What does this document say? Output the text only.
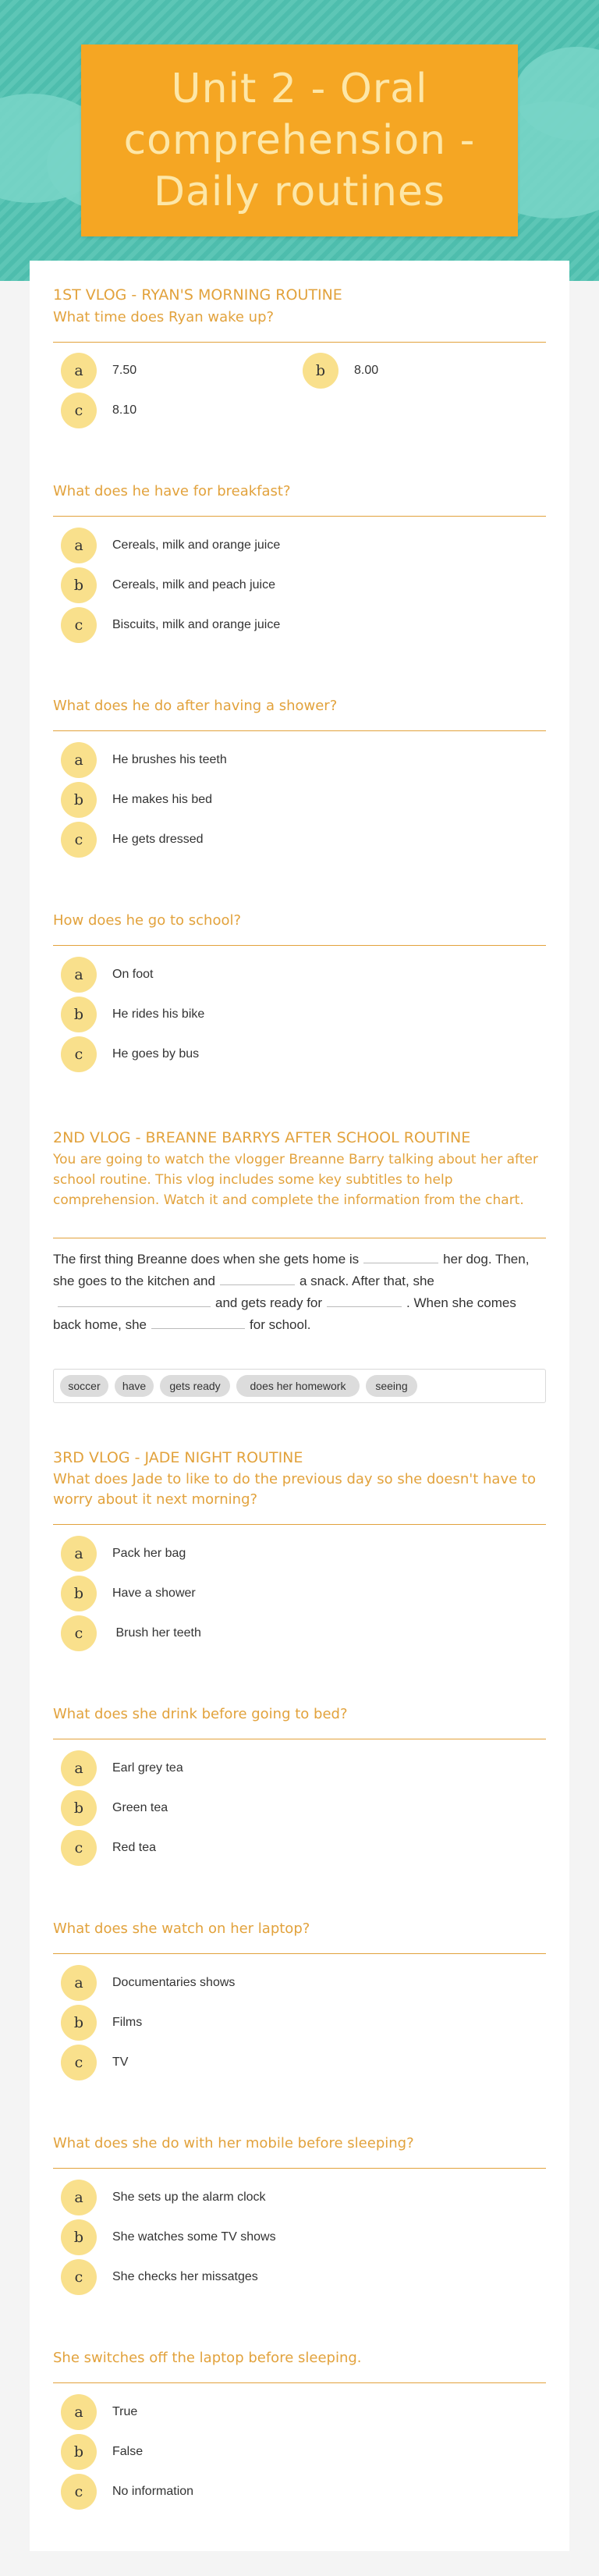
Unit 2 - Oral comprehension - Daily routines
1ST VLOG - RYAN'S MORNING ROUTINE
What time does Ryan wake up?
a	7.50	b	8.00
c	8.10
What does he have for breakfast?
a	Cereals, milk and orange juice
b	Cereals, milk and peach juice
c	Biscuits, milk and orange juice
What does he do after having a shower?
a	He brushes his teeth
b	He makes his bed
c	He gets dressed
How does he go to school?
a	On foot
b	He rides his bike
c	He goes by bus
2ND VLOG - BREANNE BARRYS AFTER SCHOOL ROUTINE
You are going to watch the vlogger Breanne Barry talking about her after school routine. This vlog includes some key subtitles to help comprehension. Watch it and complete the information from the chart.
The first thing Breanne does when she gets home is	her dog. Then, she goes to the kitchen and	a snack. After that, she and gets ready for	. When she comes back home, she	for school.
soccer	have	gets ready	does her homework	seeing
3RD VLOG - JADE NIGHT ROUTINE
What does Jade to like to do the previous day so she doesn't have to worry about it next morning?
a	Pack her bag
b	Have a shower
c	Brush her teeth
What does she drink before going to bed?
a	Earl grey tea
b	Green tea
c	Red tea
What does she watch on her laptop?
a	Documentaries shows
b	Films
c	TV
What does she do with her mobile before sleeping?
a	She sets up the alarm clock
b	She watches some TV shows
c	She checks her missatges
She switches off the laptop before sleeping.
a	True
b	False
c	No information
